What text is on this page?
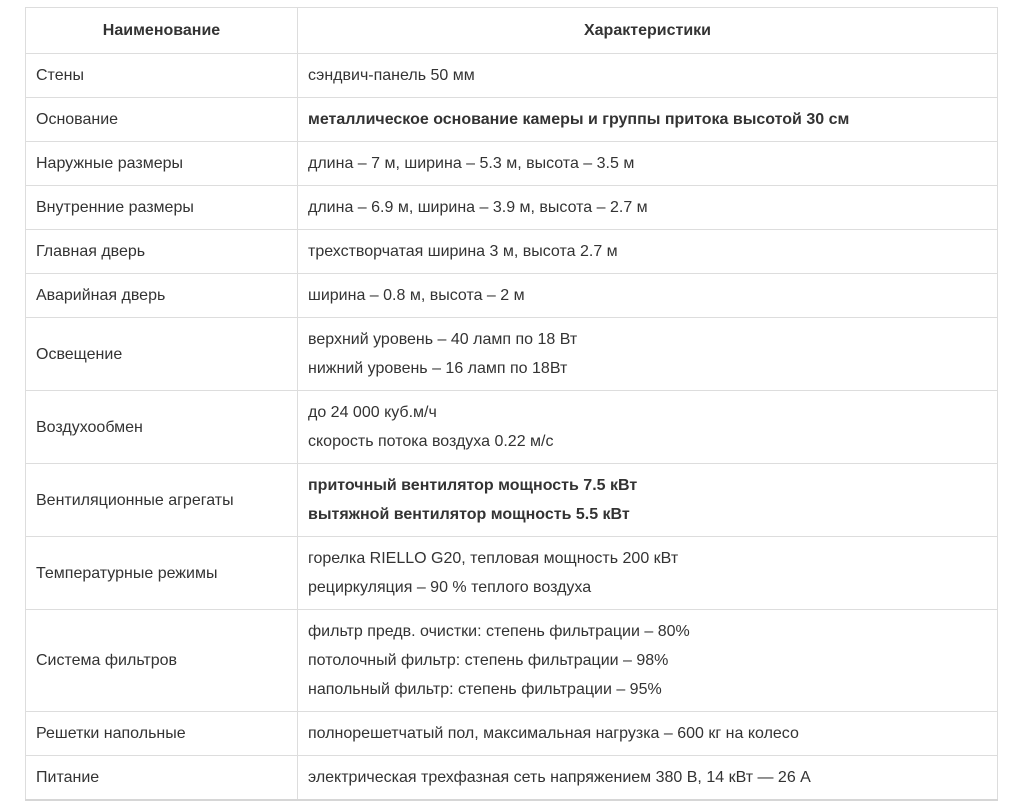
Наименование	Характеристики
Стены	сэндвич-панель 50 мм

Основание	металлическое основание камеры и группы притока высотой 30 см

Наружные размеры	длина – 7 м, ширина – 5.3 м, высота – 3.5 м

Внутренние размеры	длина – 6.9 м, ширина – 3.9 м, высота – 2.7 м

Главная дверь	трехстворчатая ширина 3 м, высота 2.7 м

Аварийная дверь	ширина – 0.8 м, высота – 2 м

Освещение	верхний уровень – 40 ламп по 18 Вт
нижний уровень – 16 ламп по 18Вт

Воздухообмен	до 24 000 куб.м/ч
скорость потока воздуха 0.22 м/с

Вентиляционные агрегаты	приточный вентилятор мощность 7.5 кВт
вытяжной вентилятор мощность 5.5 кВт

Температурные режимы	горелка RIELLO G20, тепловая мощность 200 кВт
рециркуляция – 90 % теплого воздуха

Система фильтров	фильтр предв. очистки: степень фильтрации – 80%
потолочный фильтр: степень фильтрации – 98%
напольный фильтр: степень фильтрации – 95%

Решетки напольные	полнорешетчатый пол, максимальная нагрузка – 600 кг на колесо

Питание	электрическая трехфазная сеть напряжением 380 В, 14 кВт — 26 А
